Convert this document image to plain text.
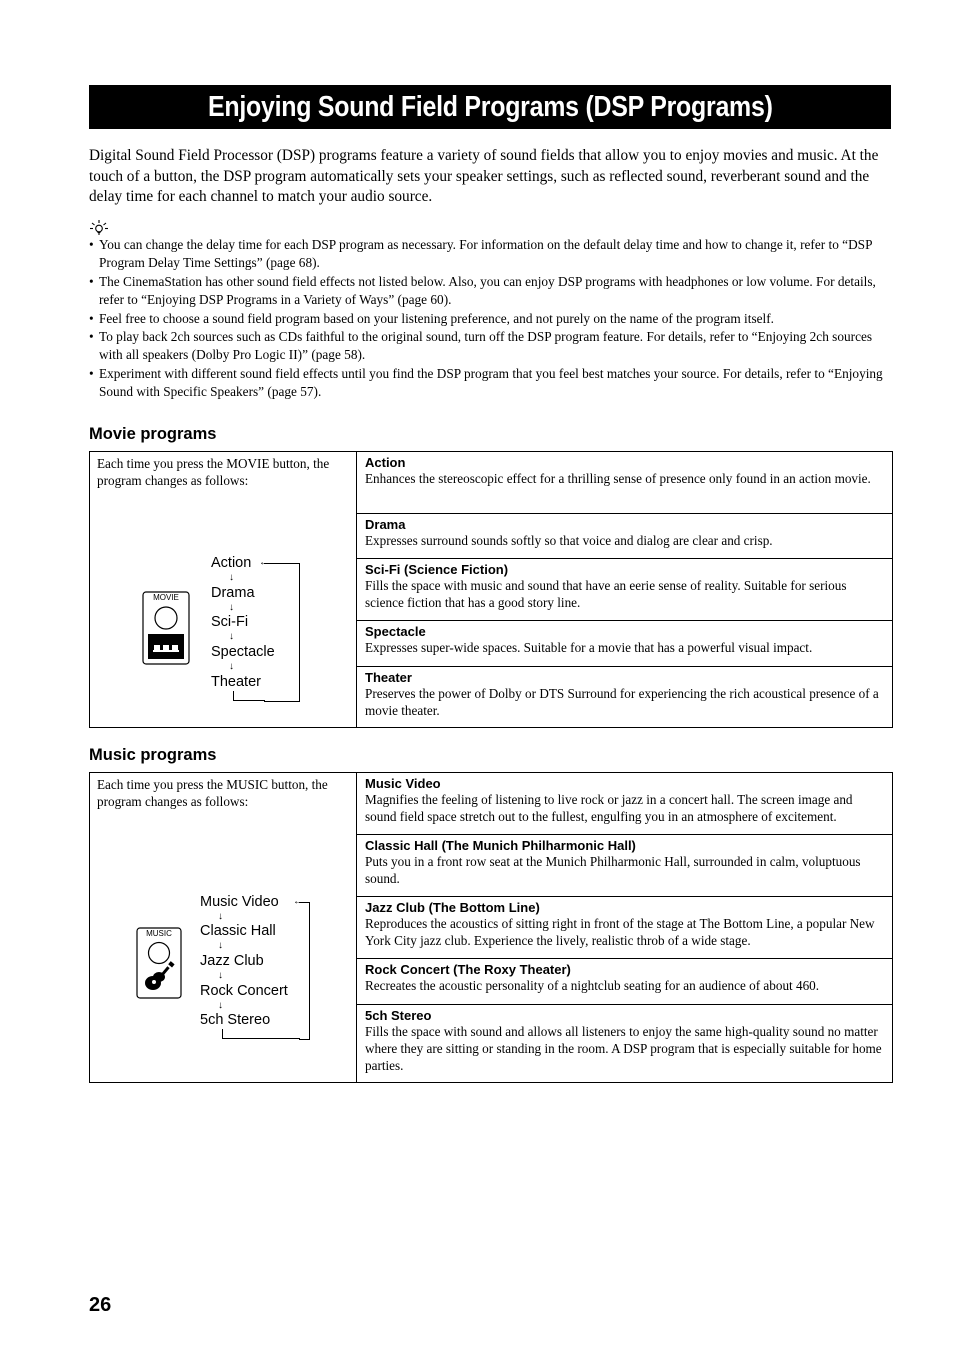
Enjoying Sound Field Programs (DSP Programs)

Digital Sound Field Processor (DSP) programs feature a variety of sound fields that allow you to enjoy movies and music. At the touch of a button, the DSP program automatically sets your speaker settings, such as reflected sound, reverberant sound and the delay time for each channel to match your audio source.

• You can change the delay time for each DSP program as necessary. For information on the default delay time and how to change it, refer to “DSP Program Delay Time Settings” (page 68).
• The CinemaStation has other sound field effects not listed below. Also, you can enjoy DSP programs with headphones or low volume. For details, refer to “Enjoying DSP Programs in a Variety of Ways” (page 60).
• Feel free to choose a sound field program based on your listening preference, and not purely on the name of the program itself.
• To play back 2ch sources such as CDs faithful to the original sound, turn off the DSP program feature. For details, refer to “Enjoying 2ch sources with all speakers (Dolby Pro Logic II)” (page 58).
• Experiment with different sound field effects until you find the DSP program that you feel best matches your source. For details, refer to “Enjoying Sound with Specific Speakers” (page 57).
Movie programs
Each time you press the MOVIE button, the program changes as follows:
MOVIE
Action
↓
Drama
↓
Sci-Fi
↓
Spectacle
↓
Theater
←

Action
Enhances the stereoscopic effect for a thrilling sense of presence only found in an action movie.

Drama
Expresses surround sounds softly so that voice and dialog are clear and crisp.

Sci-Fi (Science Fiction)
Fills the space with music and sound that have an eerie sense of reality. Suitable for serious science fiction that has a good story line.

Spectacle
Expresses super-wide spaces. Suitable for a movie that has a powerful visual impact.

Theater
Preserves the power of Dolby or DTS Surround for experiencing the rich acoustical presence of a movie theater.
Music programs
Each time you press the MUSIC button, the program changes as follows:
MUSIC
Music Video
↓
Classic Hall
↓
Jazz Club
↓
Rock Concert
↓
5ch Stereo
←

Music Video
Magnifies the feeling of listening to live rock or jazz in a concert hall. The screen image and sound field space stretch out to the fullest, engulfing you in an atmosphere of excitement.

Classic Hall (The Munich Philharmonic Hall)
Puts you in a front row seat at the Munich Philharmonic Hall, surrounded in calm, voluptuous sound.

Jazz Club (The Bottom Line)
Reproduces the acoustics of sitting right in front of the stage at The Bottom Line, a popular New York City jazz club. Experience the lively, realistic throb of a wide stage.

Rock Concert (The Roxy Theater)
Recreates the acoustic personality of a nightclub seating for an audience of about 460.

5ch Stereo
Fills the space with sound and allows all listeners to enjoy the same high-quality sound no matter where they are sitting or standing in the room. A DSP program that is especially suitable for home parties.
26
